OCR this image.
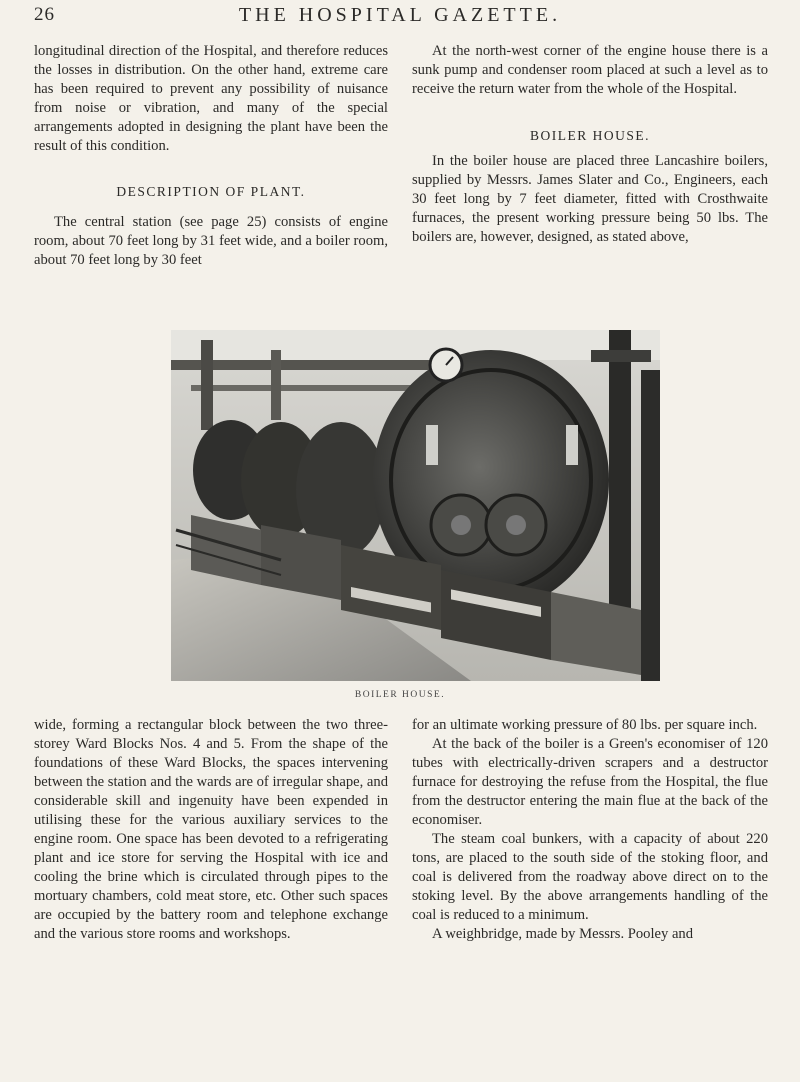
26	THE HOSPITAL GAZETTE.

longitudinal direction of the Hospital, and therefore reduces the losses in distribution. On the other hand, extreme care has been required to prevent any possibility of nuisance from noise or vibration, and many of the special arrangements adopted in designing the plant have been the result of this condition.

DESCRIPTION OF PLANT.

The central station (see page 25) consists of engine room, about 70 feet long by 31 feet wide, and a boiler room, about 70 feet long by 30 feet

At the north-west corner of the engine house there is a sunk pump and condenser room placed at such a level as to receive the return water from the whole of the Hospital.

BOILER HOUSE.

In the boiler house are placed three Lancashire boilers, supplied by Messrs. James Slater and Co., Engineers, each 30 feet long by 7 feet diameter, fitted with Crosthwaite furnaces, the present working pressure being 50 lbs. The boilers are, however, designed, as stated above,

BOILER HOUSE.

wide, forming a rectangular block between the two three-storey Ward Blocks Nos. 4 and 5. From the shape of the foundations of these Ward Blocks, the spaces intervening between the station and the wards are of irregular shape, and considerable skill and ingenuity have been expended in utilising these for the various auxiliary services to the engine room. One space has been devoted to a refrigerating plant and ice store for serving the Hospital with ice and cooling the brine which is circulated through pipes to the mortuary chambers, cold meat store, etc. Other such spaces are occupied by the battery room and telephone exchange and the various store rooms and workshops.

for an ultimate working pressure of 80 lbs. per square inch.

At the back of the boiler is a Green's economiser of 120 tubes with electrically-driven scrapers and a destructor furnace for destroying the refuse from the Hospital, the flue from the destructor entering the main flue at the back of the economiser.

The steam coal bunkers, with a capacity of about 220 tons, are placed to the south side of the stoking floor, and coal is delivered from the roadway above direct on to the stoking level. By the above arrangements handling of the coal is reduced to a minimum.

A weighbridge, made by Messrs. Pooley and
